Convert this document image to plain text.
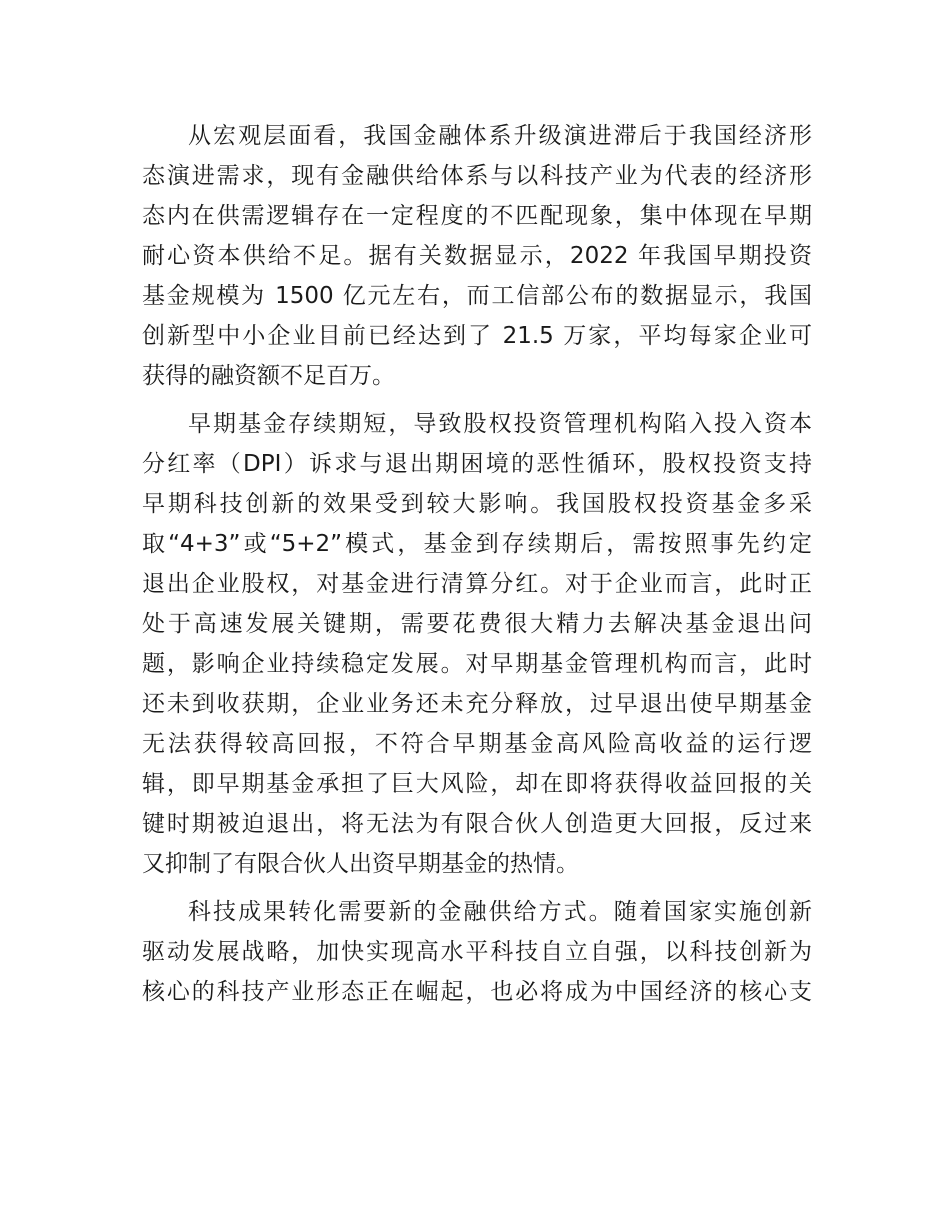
从宏观层面看，我国金融体系升级演进滞后于我国经济形
态演进需求，现有金融供给体系与以科技产业为代表的经济形
态内在供需逻辑存在一定程度的不匹配现象，集中体现在早期
耐心资本供给不足。据有关数据显示，2022 年我国早期投资
基金规模为 1500 亿元左右，而工信部公布的数据显示，我国
创新型中小企业目前已经达到了 21.5 万家，平均每家企业可
获得的融资额不足百万。
早期基金存续期短，导致股权投资管理机构陷入投入资本
分红率（DPI）诉求与退出期困境的恶性循环，股权投资支持
早期科技创新的效果受到较大影响。我国股权投资基金多采
取“4+3”或“5+2”模式，基金到存续期后，需按照事先约定
退出企业股权，对基金进行清算分红。对于企业而言，此时正
处于高速发展关键期，需要花费很大精力去解决基金退出问
题，影响企业持续稳定发展。对早期基金管理机构而言，此时
还未到收获期，企业业务还未充分释放，过早退出使早期基金
无法获得较高回报，不符合早期基金高风险高收益的运行逻
辑，即早期基金承担了巨大风险，却在即将获得收益回报的关
键时期被迫退出，将无法为有限合伙人创造更大回报，反过来
又抑制了有限合伙人出资早期基金的热情。
科技成果转化需要新的金融供给方式。随着国家实施创新
驱动发展战略，加快实现高水平科技自立自强，以科技创新为
核心的科技产业形态正在崛起，也必将成为中国经济的核心支
